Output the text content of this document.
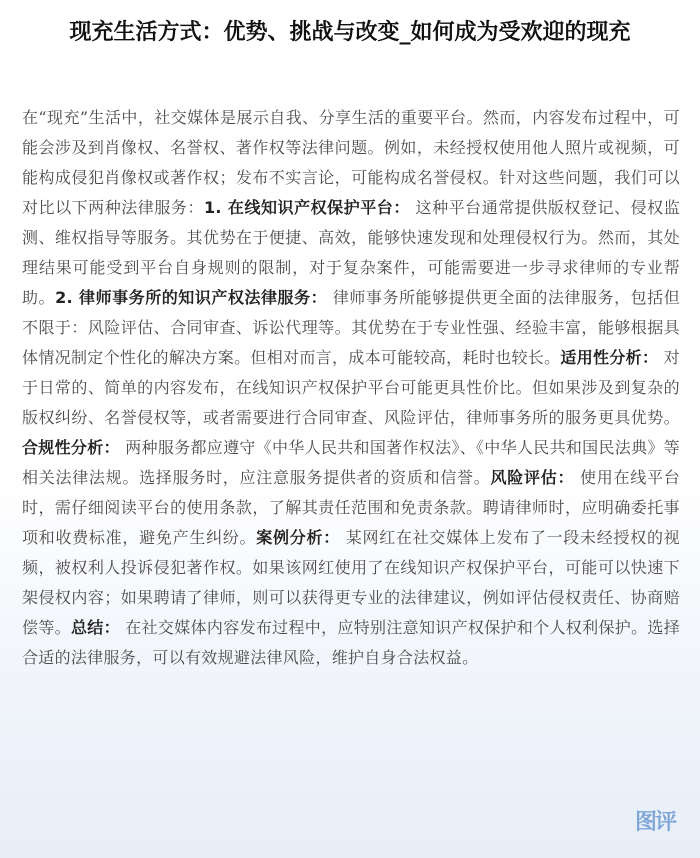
现充生活方式：优势、挑战与改变_如何成为受欢迎的现充

在“现充”生活中，社交媒体是展示自我、分享生活的重要平台。然而，内容发布过程中，可能会涉及到肖像权、名誉权、著作权等法律问题。例如，未经授权使用他人照片或视频，可能构成侵犯肖像权或著作权；发布不实言论，可能构成名誉侵权。针对这些问题，我们可以对比以下两种法律服务：1. 在线知识产权保护平台： 这种平台通常提供版权登记、侵权监测、维权指导等服务。其优势在于便捷、高效，能够快速发现和处理侵权行为。然而，其处理结果可能受到平台自身规则的限制，对于复杂案件，可能需要进一步寻求律师的专业帮助。2. 律师事务所的知识产权法律服务： 律师事务所能够提供更全面的法律服务，包括但不限于：风险评估、合同审查、诉讼代理等。其优势在于专业性强、经验丰富，能够根据具体情况制定个性化的解决方案。但相对而言，成本可能较高，耗时也较长。适用性分析： 对于日常的、简单的内容发布，在线知识产权保护平台可能更具性价比。但如果涉及到复杂的版权纠纷、名誉侵权等，或者需要进行合同审查、风险评估，律师事务所的服务更具优势。合规性分析： 两种服务都应遵守《中华人民共和国著作权法》、《中华人民共和国民法典》等相关法律法规。选择服务时，应注意服务提供者的资质和信誉。风险评估： 使用在线平台时，需仔细阅读平台的使用条款，了解其责任范围和免责条款。聘请律师时，应明确委托事项和收费标准，避免产生纠纷。案例分析： 某网红在社交媒体上发布了一段未经授权的视频，被权利人投诉侵犯著作权。如果该网红使用了在线知识产权保护平台，可能可以快速下架侵权内容；如果聘请了律师，则可以获得更专业的法律建议，例如评估侵权责任、协商赔偿等。总结： 在社交媒体内容发布过程中，应特别注意知识产权保护和个人权利保护。选择合适的法律服务，可以有效规避法律风险，维护自身合法权益。

图评
